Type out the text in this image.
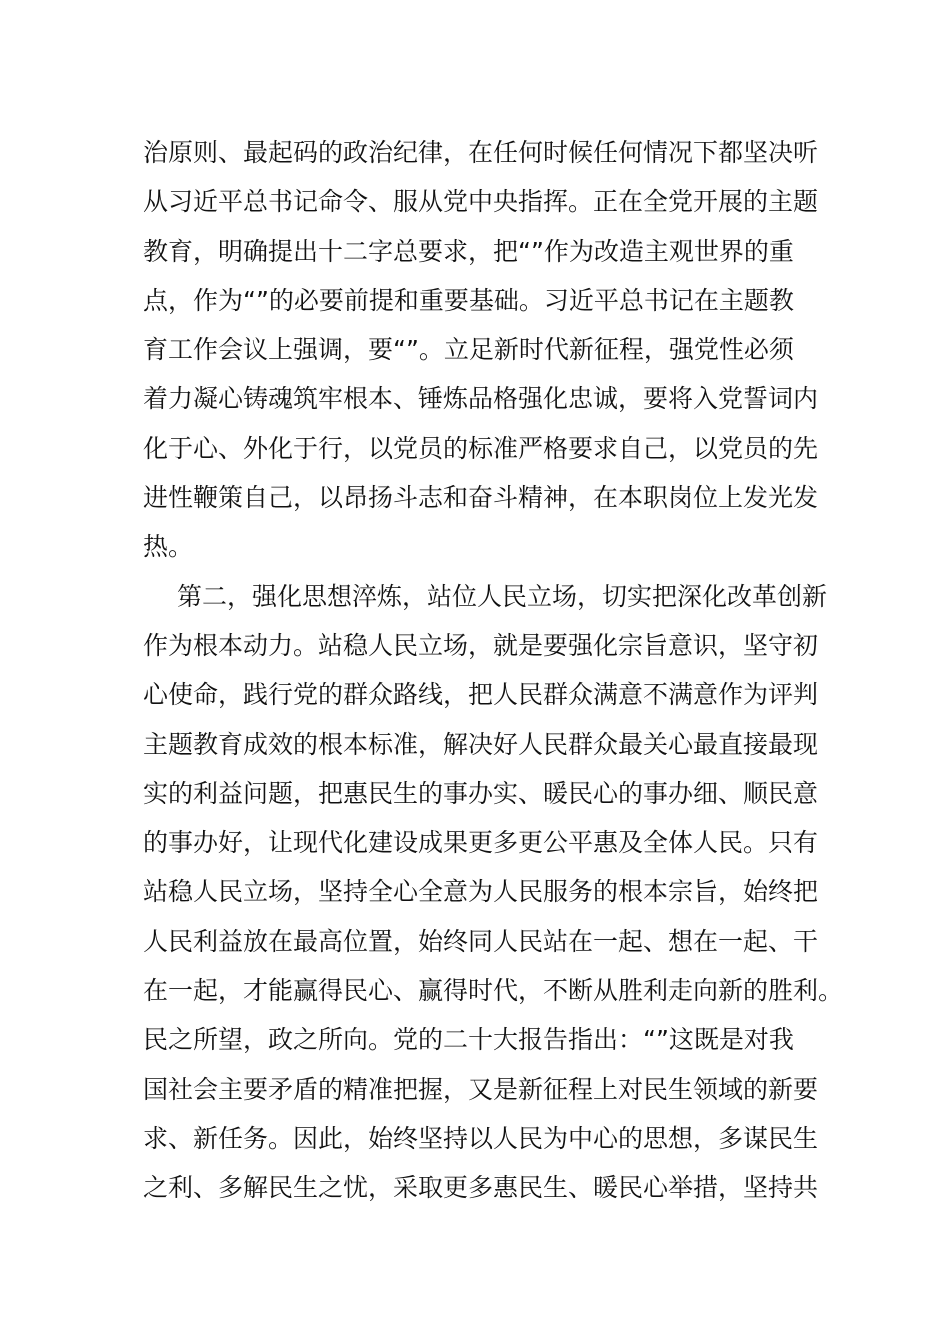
治原则、最起码的政治纪律，在任何时候任何情况下都坚决听
从习近平总书记命令、服从党中央指挥。正在全党开展的主题
教育，明确提出十二字总要求，把“”作为改造主观世界的重
点，作为“”的必要前提和重要基础。习近平总书记在主题教
育工作会议上强调，要“”。立足新时代新征程，强党性必须
着力凝心铸魂筑牢根本、锤炼品格强化忠诚，要将入党誓词内
化于心、外化于行，以党员的标准严格要求自己，以党员的先
进性鞭策自己，以昂扬斗志和奋斗精神，在本职岗位上发光发
热。
第二，强化思想淬炼，站位人民立场，切实把深化改革创新
作为根本动力。站稳人民立场，就是要强化宗旨意识，坚守初
心使命，践行党的群众路线，把人民群众满意不满意作为评判
主题教育成效的根本标准，解决好人民群众最关心最直接最现
实的利益问题，把惠民生的事办实、暖民心的事办细、顺民意
的事办好，让现代化建设成果更多更公平惠及全体人民。只有
站稳人民立场，坚持全心全意为人民服务的根本宗旨，始终把
人民利益放在最高位置，始终同人民站在一起、想在一起、干
在一起，才能赢得民心、赢得时代，不断从胜利走向新的胜利。
民之所望，政之所向。党的二十大报告指出：“”这既是对我
国社会主要矛盾的精准把握，又是新征程上对民生领域的新要
求、新任务。因此，始终坚持以人民为中心的思想，多谋民生
之利、多解民生之忧，采取更多惠民生、暖民心举措，坚持共
